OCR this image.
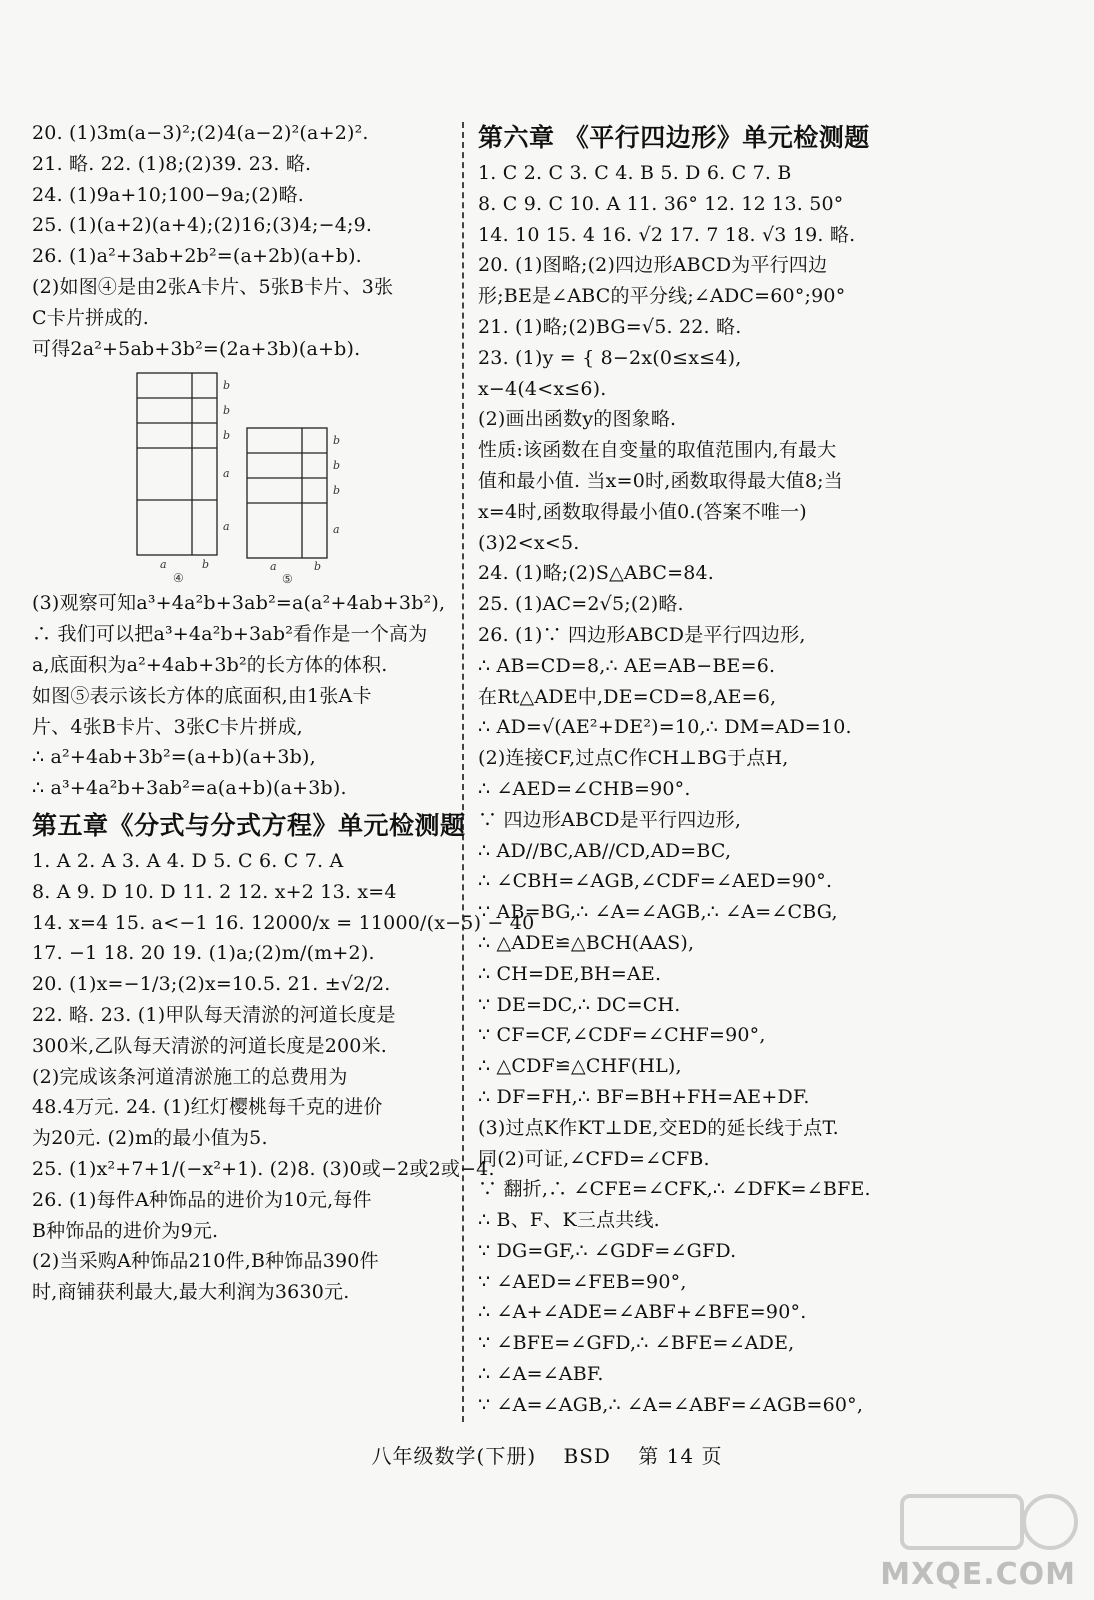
20. (1)3m(a−3)²;(2)4(a−2)²(a+2)².
21. 略. 22. (1)8;(2)39. 23. 略.
24. (1)9a+10;100−9a;(2)略.
25. (1)(a+2)(a+4);(2)16;(3)4;−4;9.
26. (1)a²+3ab+2b²=(a+2b)(a+b).
(2)如图④是由2张A卡片、5张B卡片、3张
C卡片拼成的.
可得2a²+5ab+3b²=(2a+3b)(a+b).
b
b
b
a
a
a	b
④
b
b
b
a
a	b
⑤
(3)观察可知a³+4a²b+3ab²=a(a²+4ab+3b²),
∴ 我们可以把a³+4a²b+3ab²看作是一个高为
a,底面积为a²+4ab+3b²的长方体的体积.
如图⑤表示该长方体的底面积,由1张A卡
片、4张B卡片、3张C卡片拼成,
∴ a²+4ab+3b²=(a+b)(a+3b),
∴ a³+4a²b+3ab²=a(a+b)(a+3b).
第五章《分式与分式方程》单元检测题
1. A 2. A 3. A 4. D 5. C 6. C 7. A
8. A 9. D 10. D 11. 2 12. x+2 13. x=4
14. x=4 15. a<−1 16. 12000/x = 11000/(x−5) − 40
17. −1 18. 20 19. (1)a;(2)m/(m+2).
20. (1)x=−1/3;(2)x=10.5. 21. ±√2/2.
22. 略. 23. (1)甲队每天清淤的河道长度是
300米,乙队每天清淤的河道长度是200米.
(2)完成该条河道清淤施工的总费用为
48.4万元. 24. (1)红灯樱桃每千克的进价
为20元. (2)m的最小值为5.
25. (1)x²+7+1/(−x²+1). (2)8. (3)0或−2或2或−4.
26. (1)每件A种饰品的进价为10元,每件
B种饰品的进价为9元.
(2)当采购A种饰品210件,B种饰品390件
时,商铺获利最大,最大利润为3630元.
第六章 《平行四边形》单元检测题
1. C 2. C 3. C 4. B 5. D 6. C 7. B
8. C 9. C 10. A 11. 36° 12. 12 13. 50°
14. 10 15. 4 16. √2 17. 7 18. √3 19. 略.
20. (1)图略;(2)四边形ABCD为平行四边
形;BE是∠ABC的平分线;∠ADC=60°;90°
21. (1)略;(2)BG=√5. 22. 略.
23. (1)y = { 8−2x(0≤x≤4),
x−4(4<x≤6).
(2)画出函数y的图象略.
性质:该函数在自变量的取值范围内,有最大
值和最小值. 当x=0时,函数取得最大值8;当
x=4时,函数取得最小值0.(答案不唯一)
(3)2<x<5.
24. (1)略;(2)S△ABC=84.
25. (1)AC=2√5;(2)略.
26. (1)∵ 四边形ABCD是平行四边形,
∴ AB=CD=8,∴ AE=AB−BE=6.
在Rt△ADE中,DE=CD=8,AE=6,
∴ AD=√(AE²+DE²)=10,∴ DM=AD=10.
(2)连接CF,过点C作CH⊥BG于点H,
∴ ∠AED=∠CHB=90°.
∵ 四边形ABCD是平行四边形,
∴ AD//BC,AB//CD,AD=BC,
∴ ∠CBH=∠AGB,∠CDF=∠AED=90°.
∵ AB=BG,∴ ∠A=∠AGB,∴ ∠A=∠CBG,
∴ △ADE≌△BCH(AAS),
∴ CH=DE,BH=AE.
∵ DE=DC,∴ DC=CH.
∵ CF=CF,∠CDF=∠CHF=90°,
∴ △CDF≌△CHF(HL),
∴ DF=FH,∴ BF=BH+FH=AE+DF.
(3)过点K作KT⊥DE,交ED的延长线于点T.
同(2)可证,∠CFD=∠CFB.
∵ 翻折,∴ ∠CFE=∠CFK,∴ ∠DFK=∠BFE.
∴ B、F、K三点共线.
∵ DG=GF,∴ ∠GDF=∠GFD.
∵ ∠AED=∠FEB=90°,
∴ ∠A+∠ADE=∠ABF+∠BFE=90°.
∵ ∠BFE=∠GFD,∴ ∠BFE=∠ADE,
∴ ∠A=∠ABF.
∵ ∠A=∠AGB,∴ ∠A=∠ABF=∠AGB=60°,
八年级数学(下册) BSD 第 14 页
MXQE.COM
